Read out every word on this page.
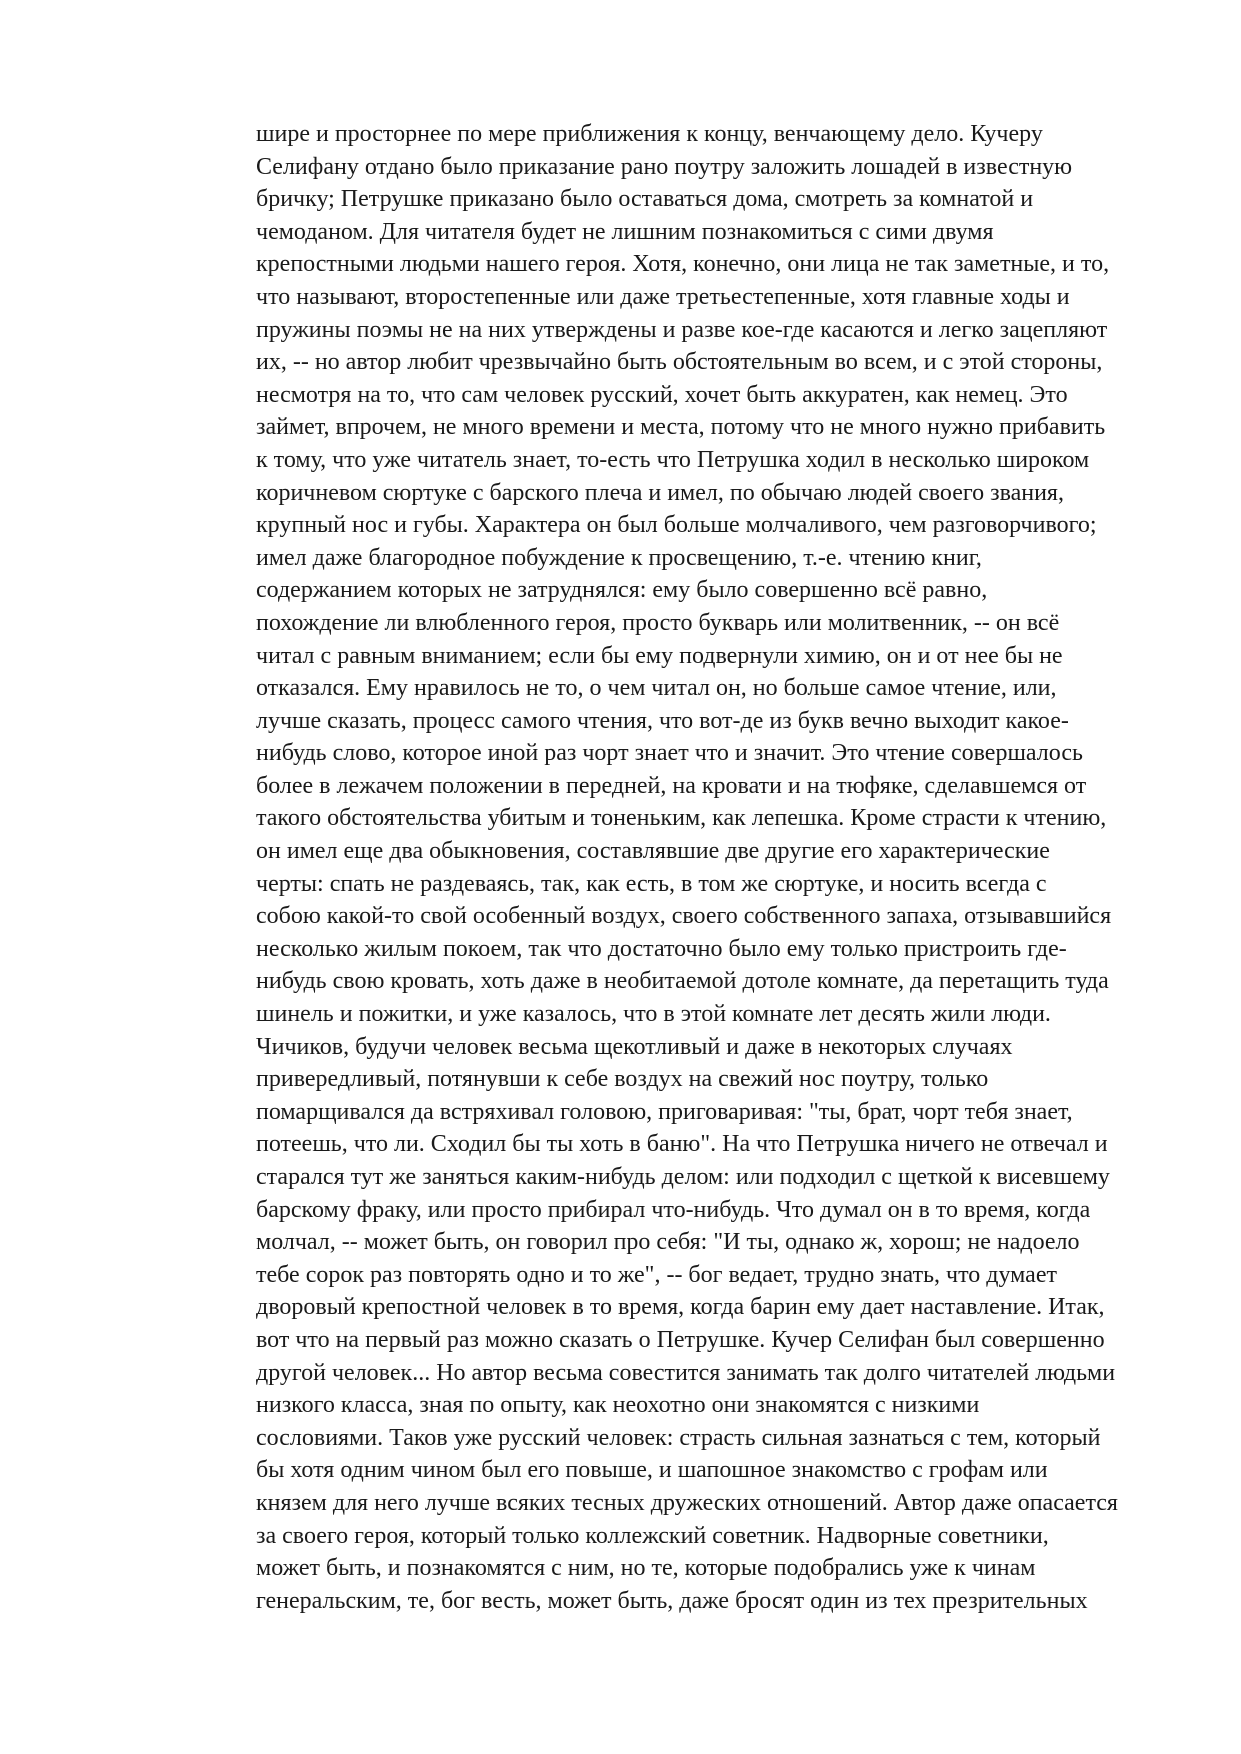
шире и просторнее по мере приближения к концу, венчающему дело. Кучеру
Селифану отдано было приказание рано поутру заложить лошадей в известную
бричку; Петрушке приказано было оставаться дома, смотреть за комнатой и
чемоданом. Для читателя будет не лишним познакомиться с сими двумя
крепостными людьми нашего героя. Хотя, конечно, они лица не так заметные, и то,
что называют, второстепенные или даже третьестепенные, хотя главные ходы и
пружины поэмы не на них утверждены и разве кое-где касаются и легко зацепляют
их, -- но автор любит чрезвычайно быть обстоятельным во всем, и с этой стороны,
несмотря на то, что сам человек русский, хочет быть аккуратен, как немец. Это
займет, впрочем, не много времени и места, потому что не много нужно прибавить
к тому, что уже читатель знает, то-есть что Петрушка ходил в несколько широком
коричневом сюртуке с барского плеча и имел, по обычаю людей своего звания,
крупный нос и губы. Характера он был больше молчаливого, чем разговорчивого;
имел даже благородное побуждение к просвещению, т.-е. чтению книг,
содержанием которых не затруднялся: ему было совершенно всё равно,
похождение ли влюбленного героя, просто букварь или молитвенник, -- он всё
читал с равным вниманием; если бы ему подвернули химию, он и от нее бы не
отказался. Ему нравилось не то, о чем читал он, но больше самое чтение, или,
лучше сказать, процесс самого чтения, что вот-де из букв вечно выходит какое-
нибудь слово, которое иной раз чорт знает что и значит. Это чтение совершалось
более в лежачем положении в передней, на кровати и на тюфяке, сделавшемся от
такого обстоятельства убитым и тоненьким, как лепешка. Кроме страсти к чтению,
он имел еще два обыкновения, составлявшие две другие его характерические
черты: спать не раздеваясь, так, как есть, в том же сюртуке, и носить всегда с
собою какой-то свой особенный воздух, своего собственного запаха, отзывавшийся
несколько жилым покоем, так что достаточно было ему только пристроить где-
нибудь свою кровать, хоть даже в необитаемой дотоле комнате, да перетащить туда
шинель и пожитки, и уже казалось, что в этой комнате лет десять жили люди.
Чичиков, будучи человек весьма щекотливый и даже в некоторых случаях
привередливый, потянувши к себе воздух на свежий нос поутру, только
помарщивался да встряхивал головою, приговаривая: "ты, брат, чорт тебя знает,
потеешь, что ли. Сходил бы ты хоть в баню". На что Петрушка ничего не отвечал и
старался тут же заняться каким-нибудь делом: или подходил с щеткой к висевшему
барскому фраку, или просто прибирал что-нибудь. Что думал он в то время, когда
молчал, -- может быть, он говорил про себя: "И ты, однако ж, хорош; не надоело
тебе сорок раз повторять одно и то же", -- бог ведает, трудно знать, что думает
дворовый крепостной человек в то время, когда барин ему дает наставление. Итак,
вот что на первый раз можно сказать о Петрушке. Кучер Селифан был совершенно
другой человек... Но автор весьма совестится занимать так долго читателей людьми
низкого класса, зная по опыту, как неохотно они знакомятся с низкими
сословиями. Таков уже русский человек: страсть сильная зазнаться с тем, который
бы хотя одним чином был его повыше, и шапошное знакомство с грофам или
князем для него лучше всяких тесных дружеских отношений. Автор даже опасается
за своего героя, который только коллежский советник. Надворные советники,
может быть, и познакомятся с ним, но те, которые подобрались уже к чинам
генеральским, те, бог весть, может быть, даже бросят один из тех презрительных
